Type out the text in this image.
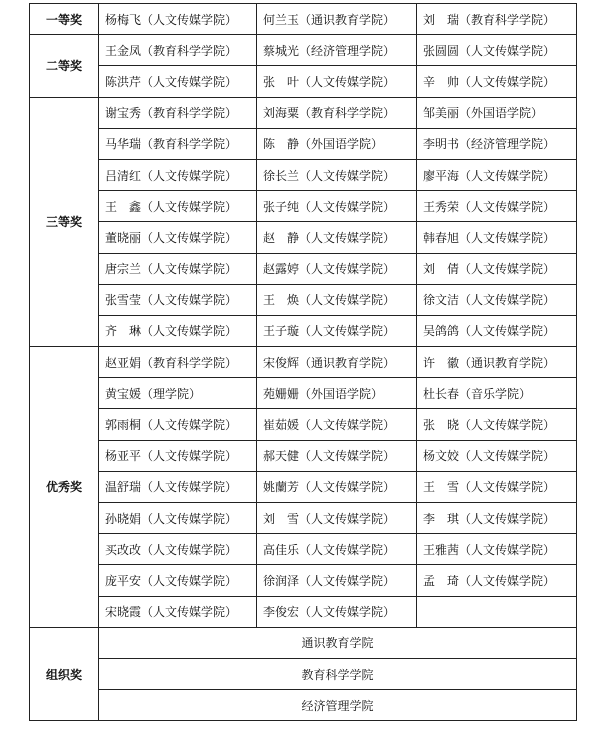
一等奖	杨梅飞（人文传媒学院）	何兰玉（通识教育学院）	刘　瑞（教育科学学院）
二等奖	王金凤（教育科学学院）	蔡城光（经济管理学院）	张圆圆（人文传媒学院）
	陈洪芹（人文传媒学院）	张　叶（人文传媒学院）	辛　帅（人文传媒学院）
三等奖	谢宝秀（教育科学学院）	刘海粟（教育科学学院）	邹美丽（外国语学院）
	马华瑞（教育科学学院）	陈　静（外国语学院）	李明书（经济管理学院）
	吕清红（人文传媒学院）	徐长兰（人文传媒学院）	廖平海（人文传媒学院）
	王　鑫（人文传媒学院）	张子纯（人文传媒学院）	王秀荣（人文传媒学院）
	董晓丽（人文传媒学院）	赵　静（人文传媒学院）	韩春旭（人文传媒学院）
	唐宗兰（人文传媒学院）	赵露婷（人文传媒学院）	刘　倩（人文传媒学院）
	张雪莹（人文传媒学院）	王　焕（人文传媒学院）	徐文洁（人文传媒学院）
	齐　琳（人文传媒学院）	王子璇（人文传媒学院）	吴鸽鸽（人文传媒学院）
优秀奖	赵亚娟（教育科学学院）	宋俊辉（通识教育学院）	许　徽（通识教育学院）
	黄宝媛（理学院）	苑姗姗（外国语学院）	杜长春（音乐学院）
	郭雨桐（人文传媒学院）	崔茹媛（人文传媒学院）	张　晓（人文传媒学院）
	杨亚平（人文传媒学院）	郝天健（人文传媒学院）	杨文姣（人文传媒学院）
	温舒瑞（人文传媒学院）	姚蘭芳（人文传媒学院）	王　雪（人文传媒学院）
	孙晓娟（人文传媒学院）	刘　雪（人文传媒学院）	李　琪（人文传媒学院）
	买改改（人文传媒学院）	高佳乐（人文传媒学院）	王雅茜（人文传媒学院）
	庞平安（人文传媒学院）	徐润泽（人文传媒学院）	孟　琦（人文传媒学院）
	宋晓霞（人文传媒学院）	李俊宏（人文传媒学院）	
组织奖	通识教育学院		
	教育科学学院		
	经济管理学院		
